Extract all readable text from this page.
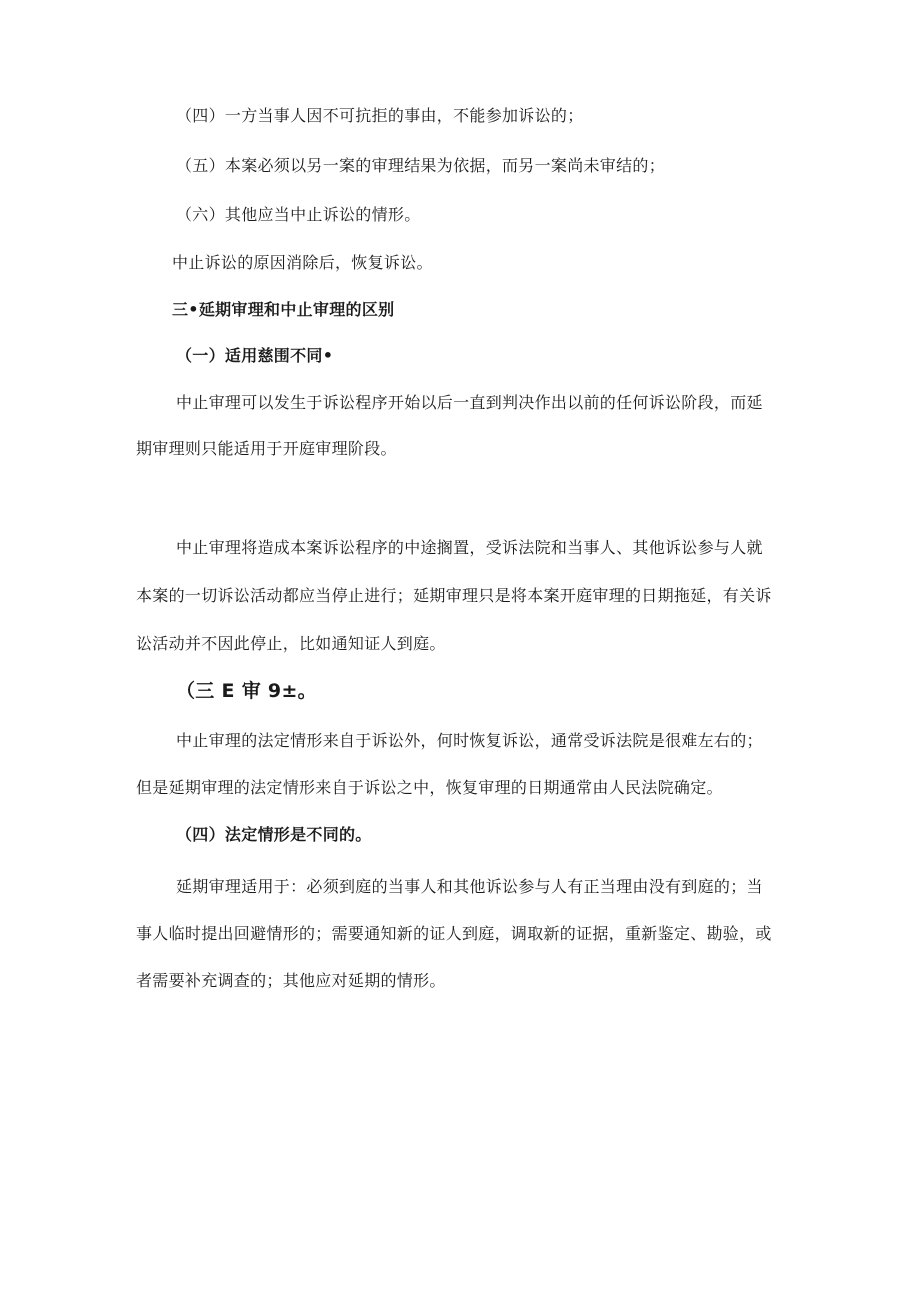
（四）一方当事人因不可抗拒的事由，不能参加诉讼的；
（五）本案必须以另一案的审理结果为依据，而另一案尚未审结的；
（六）其他应当中止诉讼的情形。
中止诉讼的原因消除后，恢复诉讼。
三•延期审理和中止审理的区别
（一）适用慈围不同•
中止审理可以发生于诉讼程序开始以后一直到判决作出以前的任何诉讼阶段，而延
期审理则只能适用于开庭审理阶段。
中止审理将造成本案诉讼程序的中途搁置，受诉法院和当事人、其他诉讼参与人就
本案的一切诉讼活动都应当停止进行；延期审理只是将本案开庭审理的日期拖延，有关诉
讼活动并不因此停止，比如通知证人到庭。
（三 E 审 9±。
中止审理的法定情形来自于诉讼外，何时恢复诉讼，通常受诉法院是很难左右的；
但是延期审理的法定情形来自于诉讼之中，恢复审理的日期通常由人民法院确定。
（四）法定情形是不同的。
延期审理适用于：必须到庭的当事人和其他诉讼参与人有正当理由没有到庭的；当
事人临时提出回避情形的；需要通知新的证人到庭，调取新的证据，重新鉴定、勘验，或
者需要补充调查的；其他应对延期的情形。
